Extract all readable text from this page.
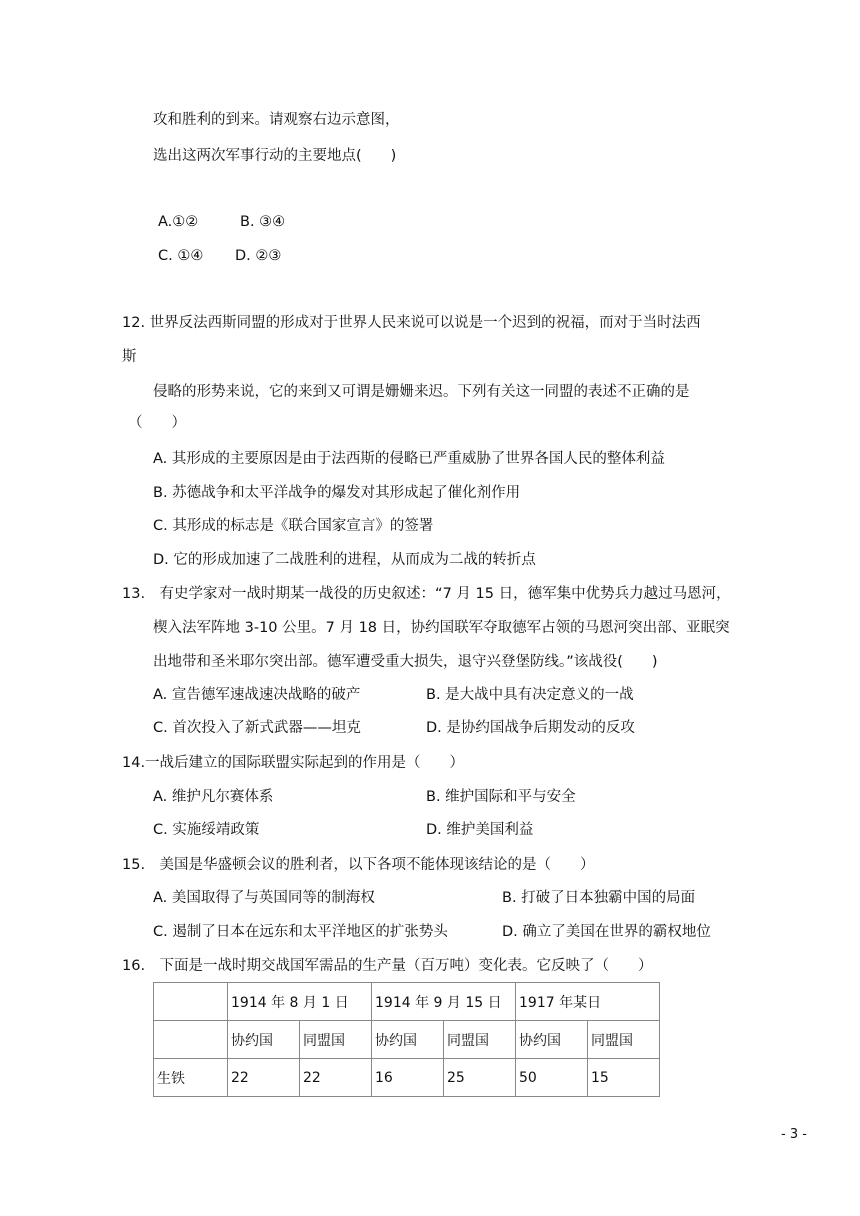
攻和胜利的到来。请观察右边示意图，
选出这两次军事行动的主要地点(　　)
A.①②	B. ③④
C. ①④ D. ②③
12. 世界反法西斯同盟的形成对于世界人民来说可以说是一个迟到的祝福，而对于当时法西
斯
侵略的形势来说，它的来到又可谓是姗姗来迟。下列有关这一同盟的表述不正确的是
（　　）
A. 其形成的主要原因是由于法西斯的侵略已严重威胁了世界各国人民的整体利益
B. 苏德战争和太平洋战争的爆发对其形成起了催化剂作用
C. 其形成的标志是《联合国家宣言》的签署
D. 它的形成加速了二战胜利的进程，从而成为二战的转折点
13.　有史学家对一战时期某一战役的历史叙述：“7 月 15 日，德军集中优势兵力越过马恩河，
楔入法军阵地 3-10 公里。7 月 18 日，协约国联军夺取德军占领的马恩河突出部、亚眠突
出地带和圣米耶尔突出部。德军遭受重大损失，退守兴登堡防线。”该战役(　　)
A. 宣告德军速战速决战略的破产	B. 是大战中具有决定意义的一战
C. 首次投入了新式武器——坦克	D. 是协约国战争后期发动的反攻
14.一战后建立的国际联盟实际起到的作用是（　　）
A. 维护凡尔赛体系	B. 维护国际和平与安全
C. 实施绥靖政策	D. 维护美国利益
15.　美国是华盛顿会议的胜利者，以下各项不能体现该结论的是（　　）
A. 美国取得了与英国同等的制海权	B. 打破了日本独霸中国的局面
C. 遏制了日本在远东和太平洋地区的扩张势头	D. 确立了美国在世界的霸权地位
16.　下面是一战时期交战国军需品的生产量（百万吨）变化表。它反映了（　　）
	1914 年 8 月 1 日		1914 年 9 月 15 日		1917 年某日	
	协约国	同盟国	协约国	同盟国	协约国	同盟国
生铁	22	22	16	25	50	15
- 3 -
